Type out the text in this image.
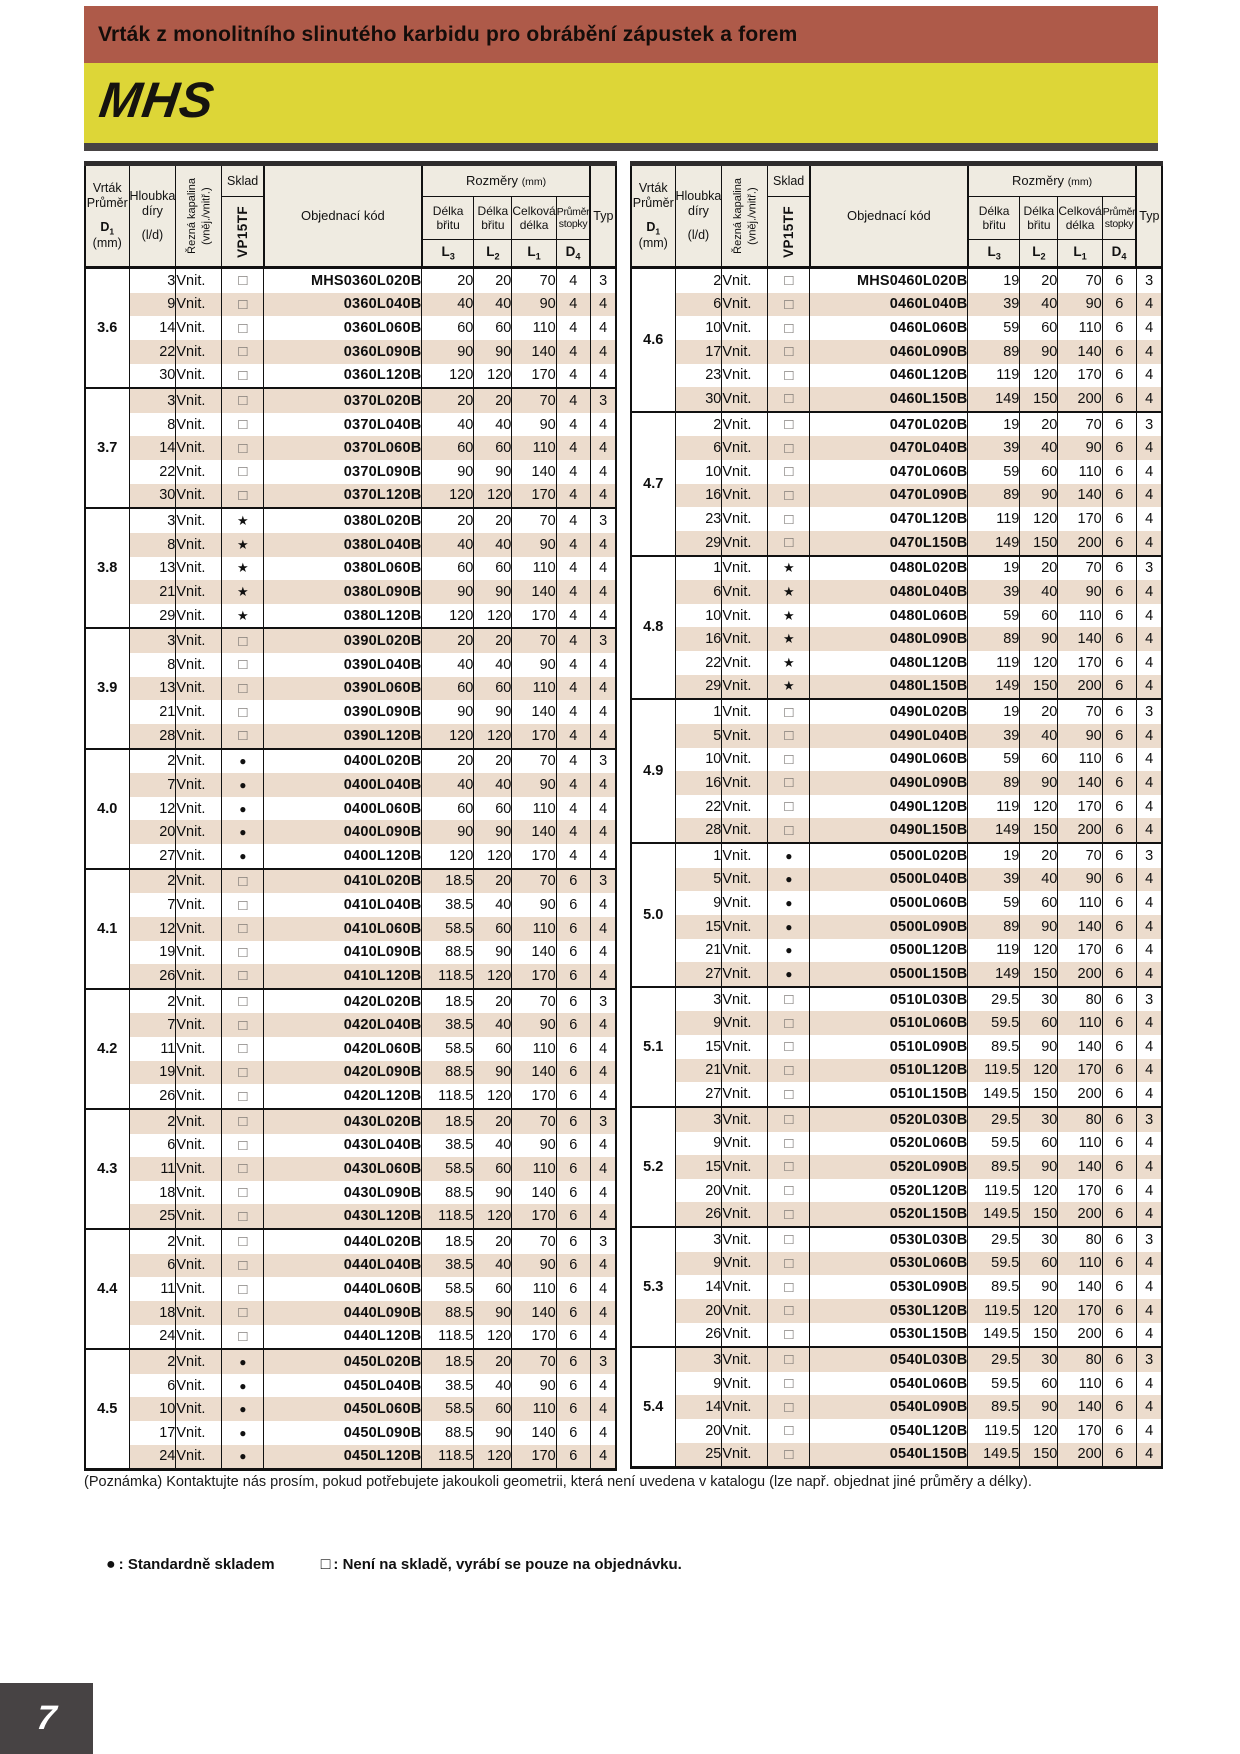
Vrták z monolitního slinutého karbidu pro obrábění zápustek a forem
MHS
Vrták
Průměr
$D_1$
(mm)

Hloubka
díry
(l/d)	Řezná kapalina (vněj./vnitř.)
	Sklad	Objednací kód	Rozměry (mm)	Typ

VP15TF	Délka
břitu

Délka
břitu

Celková
délka

Průměr
stopky

					$L_3$	$L_2$	$L_1$	$D_4$
3.6	3	Vnit.	□	MHS0360L020B	20	20	70	4	3
	9	Vnit.	□	0360L040B	40	40	90	4	4
	14	Vnit.	□	0360L060B	60	60	110	4	4
	22	Vnit.	□	0360L090B	90	90	140	4	4
	30	Vnit.	□	0360L120B	120	120	170	4	4
3.7	3	Vnit.	□	0370L020B	20	20	70	4	3
	8	Vnit.	□	0370L040B	40	40	90	4	4
	14	Vnit.	□	0370L060B	60	60	110	4	4
	22	Vnit.	□	0370L090B	90	90	140	4	4
	30	Vnit.	□	0370L120B	120	120	170	4	4
3.8	3	Vnit.	★	0380L020B	20	20	70	4	3
	8	Vnit.	★	0380L040B	40	40	90	4	4
	13	Vnit.	★	0380L060B	60	60	110	4	4
	21	Vnit.	★	0380L090B	90	90	140	4	4
	29	Vnit.	★	0380L120B	120	120	170	4	4
3.9	3	Vnit.	□	0390L020B	20	20	70	4	3
	8	Vnit.	□	0390L040B	40	40	90	4	4
	13	Vnit.	□	0390L060B	60	60	110	4	4
	21	Vnit.	□	0390L090B	90	90	140	4	4
	28	Vnit.	□	0390L120B	120	120	170	4	4
4.0	2	Vnit.	●	0400L020B	20	20	70	4	3
	7	Vnit.	●	0400L040B	40	40	90	4	4
	12	Vnit.	●	0400L060B	60	60	110	4	4
	20	Vnit.	●	0400L090B	90	90	140	4	4
	27	Vnit.	●	0400L120B	120	120	170	4	4
4.1	2	Vnit.	□	0410L020B	18.5	20	70	6	3
	7	Vnit.	□	0410L040B	38.5	40	90	6	4
	12	Vnit.	□	0410L060B	58.5	60	110	6	4
	19	Vnit.	□	0410L090B	88.5	90	140	6	4
	26	Vnit.	□	0410L120B	118.5	120	170	6	4
4.2	2	Vnit.	□	0420L020B	18.5	20	70	6	3
	7	Vnit.	□	0420L040B	38.5	40	90	6	4
	11	Vnit.	□	0420L060B	58.5	60	110	6	4
	19	Vnit.	□	0420L090B	88.5	90	140	6	4
	26	Vnit.	□	0420L120B	118.5	120	170	6	4
4.3	2	Vnit.	□	0430L020B	18.5	20	70	6	3
	6	Vnit.	□	0430L040B	38.5	40	90	6	4
	11	Vnit.	□	0430L060B	58.5	60	110	6	4
	18	Vnit.	□	0430L090B	88.5	90	140	6	4
	25	Vnit.	□	0430L120B	118.5	120	170	6	4
4.4	2	Vnit.	□	0440L020B	18.5	20	70	6	3
	6	Vnit.	□	0440L040B	38.5	40	90	6	4
	11	Vnit.	□	0440L060B	58.5	60	110	6	4
	18	Vnit.	□	0440L090B	88.5	90	140	6	4
	24	Vnit.	□	0440L120B	118.5	120	170	6	4
4.5	2	Vnit.	●	0450L020B	18.5	20	70	6	3
	6	Vnit.	●	0450L040B	38.5	40	90	6	4
	10	Vnit.	●	0450L060B	58.5	60	110	6	4
	17	Vnit.	●	0450L090B	88.5	90	140	6	4
	24	Vnit.	●	0450L120B	118.5	120	170	6	4
Vrták
Průměr
$D_1$
(mm)

Hloubka
díry
(l/d)	Řezná kapalina (vněj./vnitř.)
	Sklad	Objednací kód	Rozměry (mm)	Typ

VP15TF	Délka
břitu

Délka
břitu

Celková
délka

Průměr
stopky

					$L_3$	$L_2$	$L_1$	$D_4$
4.6	2	Vnit.	□	MHS0460L020B	19	20	70	6	3
	6	Vnit.	□	0460L040B	39	40	90	6	4
	10	Vnit.	□	0460L060B	59	60	110	6	4
	17	Vnit.	□	0460L090B	89	90	140	6	4
	23	Vnit.	□	0460L120B	119	120	170	6	4
	30	Vnit.	□	0460L150B	149	150	200	6	4
4.7	2	Vnit.	□	0470L020B	19	20	70	6	3
	6	Vnit.	□	0470L040B	39	40	90	6	4
	10	Vnit.	□	0470L060B	59	60	110	6	4
	16	Vnit.	□	0470L090B	89	90	140	6	4
	23	Vnit.	□	0470L120B	119	120	170	6	4
	29	Vnit.	□	0470L150B	149	150	200	6	4
4.8	1	Vnit.	★	0480L020B	19	20	70	6	3
	6	Vnit.	★	0480L040B	39	40	90	6	4
	10	Vnit.	★	0480L060B	59	60	110	6	4
	16	Vnit.	★	0480L090B	89	90	140	6	4
	22	Vnit.	★	0480L120B	119	120	170	6	4
	29	Vnit.	★	0480L150B	149	150	200	6	4
4.9	1	Vnit.	□	0490L020B	19	20	70	6	3
	5	Vnit.	□	0490L040B	39	40	90	6	4
	10	Vnit.	□	0490L060B	59	60	110	6	4
	16	Vnit.	□	0490L090B	89	90	140	6	4
	22	Vnit.	□	0490L120B	119	120	170	6	4
	28	Vnit.	□	0490L150B	149	150	200	6	4
5.0	1	Vnit.	●	0500L020B	19	20	70	6	3
	5	Vnit.	●	0500L040B	39	40	90	6	4
	9	Vnit.	●	0500L060B	59	60	110	6	4
	15	Vnit.	●	0500L090B	89	90	140	6	4
	21	Vnit.	●	0500L120B	119	120	170	6	4
	27	Vnit.	●	0500L150B	149	150	200	6	4
5.1	3	Vnit.	□	0510L030B	29.5	30	80	6	3
	9	Vnit.	□	0510L060B	59.5	60	110	6	4
	15	Vnit.	□	0510L090B	89.5	90	140	6	4
	21	Vnit.	□	0510L120B	119.5	120	170	6	4
	27	Vnit.	□	0510L150B	149.5	150	200	6	4
5.2	3	Vnit.	□	0520L030B	29.5	30	80	6	3
	9	Vnit.	□	0520L060B	59.5	60	110	6	4
	15	Vnit.	□	0520L090B	89.5	90	140	6	4
	20	Vnit.	□	0520L120B	119.5	120	170	6	4
	26	Vnit.	□	0520L150B	149.5	150	200	6	4
5.3	3	Vnit.	□	0530L030B	29.5	30	80	6	3
	9	Vnit.	□	0530L060B	59.5	60	110	6	4
	14	Vnit.	□	0530L090B	89.5	90	140	6	4
	20	Vnit.	□	0530L120B	119.5	120	170	6	4
	26	Vnit.	□	0530L150B	149.5	150	200	6	4
5.4	3	Vnit.	□	0540L030B	29.5	30	80	6	3
	9	Vnit.	□	0540L060B	59.5	60	110	6	4
	14	Vnit.	□	0540L090B	89.5	90	140	6	4
	20	Vnit.	□	0540L120B	119.5	120	170	6	4
	25	Vnit.	□	0540L150B	149.5	150	200	6	4
(Poznámka) Kontaktujte nás prosím, pokud potřebujete jakoukoli geometrii, která není uvedena v katalogu (lze např. objednat jiné průměry a délky).
● : Standardně skladem	□ : Není na skladě, vyrábí se pouze na objednávku.
7
